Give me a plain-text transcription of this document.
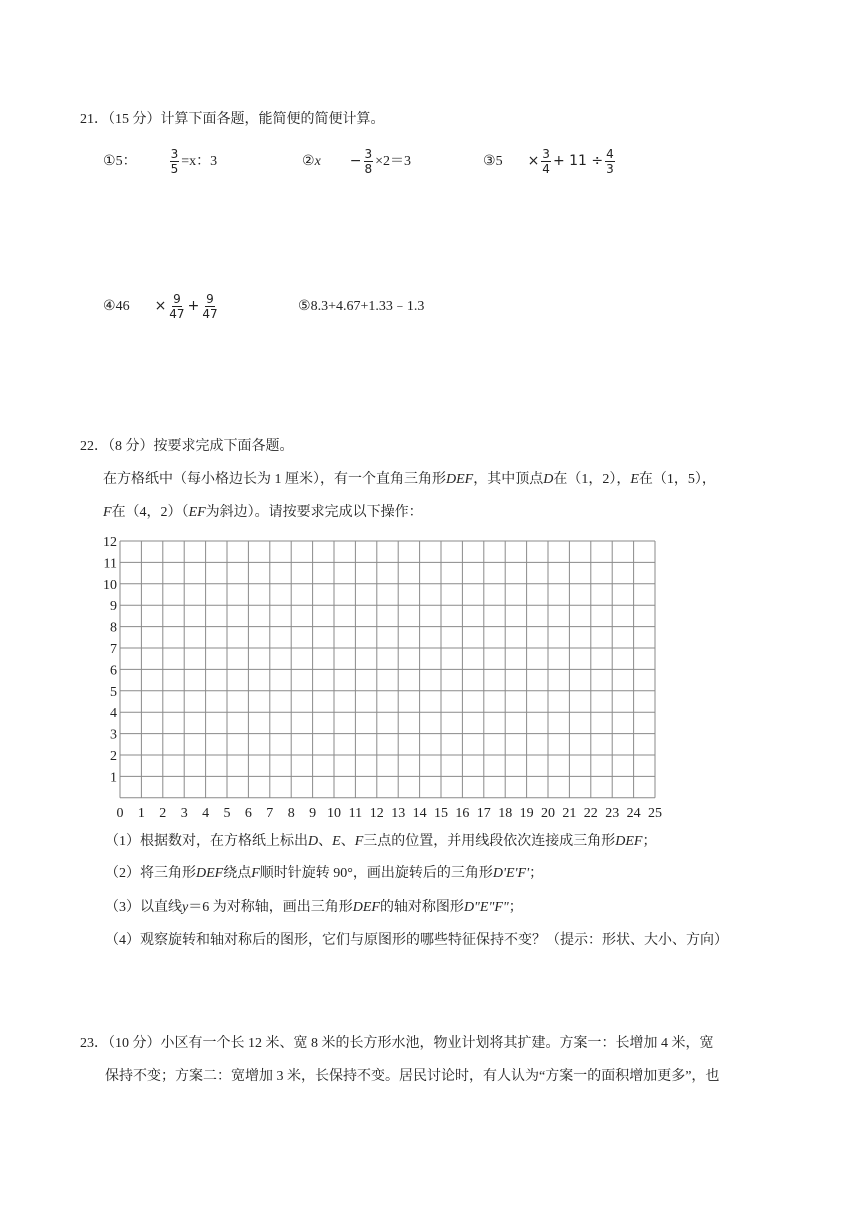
21．（15 分）计算下面各题，能简便的简便计算。
①5：	$\frac{3}{5} =x$：3	②x − $\frac{3}{8} \times 2=3$	③5 × $\frac{3}{4} + 11 \div \frac{4}{3}$
④46 × $\frac{9}{47} + \frac{9}{47}$	⑤8.3+4.67+1.33﹣1.3
22．（8 分）按要求完成下面各题。
在方格纸中（每小格边长为 1 厘米），有一个直角三角形DEF，其中顶点D在（1，2），E在（1，5），
F在（4，2）（EF为斜边）。请按要求完成以下操作：
0 1 2 3 4 5 6 7 8 9 10 11 12 13 14 15 16 17 18 19 20 21 22 23 24 25
1
2
3
4
5
6
7
8
9
10
11
12
（1）根据数对，在方格纸上标出D、E、F三点的位置，并用线段依次连接成三角形DEF；
（2）将三角形DEF绕点F顺时针旋转 90°，画出旋转后的三角形D'E'F'；
（3）以直线y＝6 为对称轴，画出三角形DEF的轴对称图形D"E"F"；
（4）观察旋转和轴对称后的图形，它们与原图形的哪些特征保持不变？（提示：形状、大小、方向）
23．（10 分）小区有一个长 12 米、宽 8 米的长方形水池，物业计划将其扩建。方案一：长增加 4 米，宽
保持不变；方案二：宽增加 3 米，长保持不变。居民讨论时，有人认为“方案一的面积增加更多”，也
